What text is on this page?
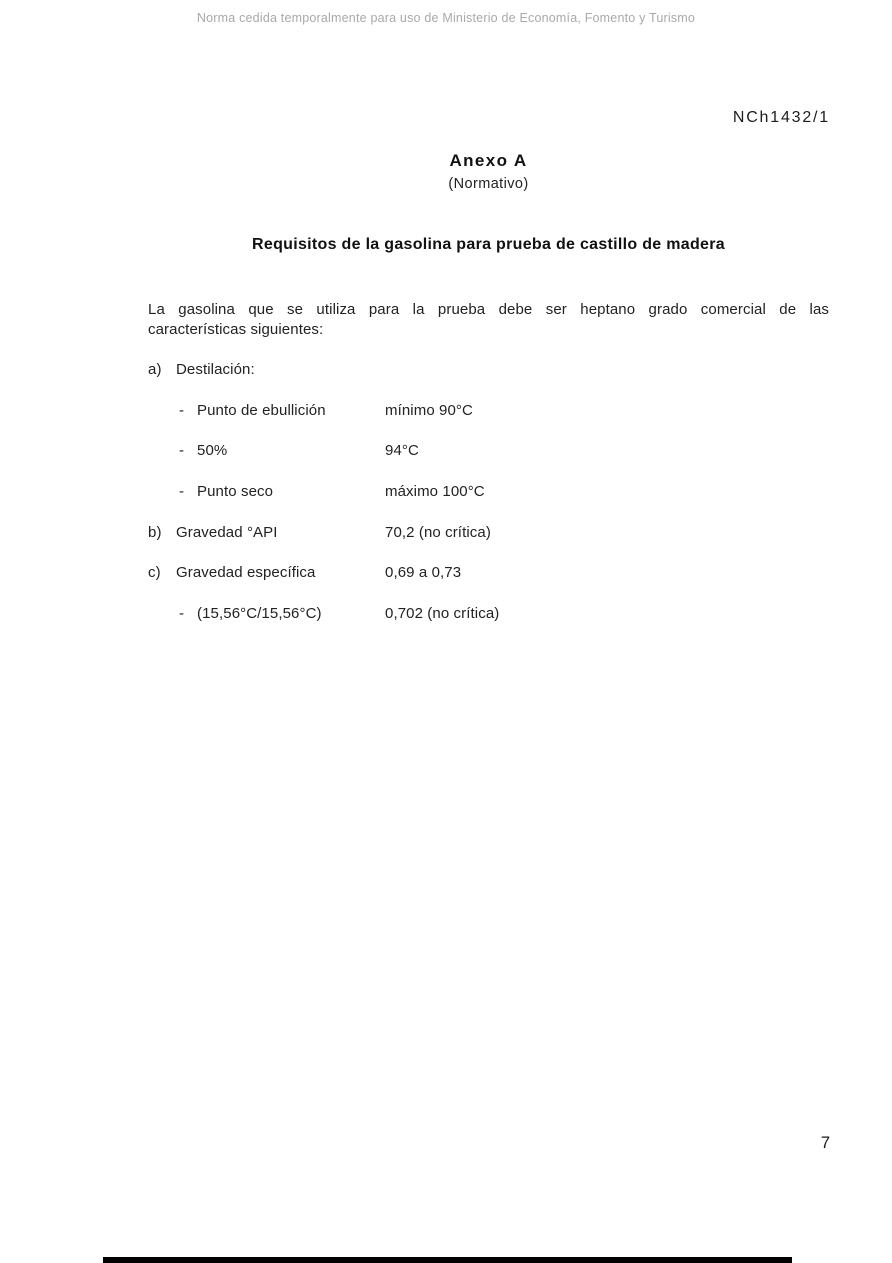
Norma cedida temporalmente para uso de Ministerio de Economía, Fomento y Turismo
NCh1432/1
Anexo A
(Normativo)
Requisitos de la gasolina para prueba de castillo de madera
La gasolina que se utiliza para la prueba debe ser heptano grado comercial de las
características siguientes:
a) Destilación:
- Punto de ebullición	mínimo 90°C
- 50%	94°C
- Punto seco	máximo 100°C
b) Gravedad °API	70,2 (no crítica)
c)	Gravedad específica	0,69 a 0,73
- (15,56°C/15,56°C)	0,702 (no crítica)
7
